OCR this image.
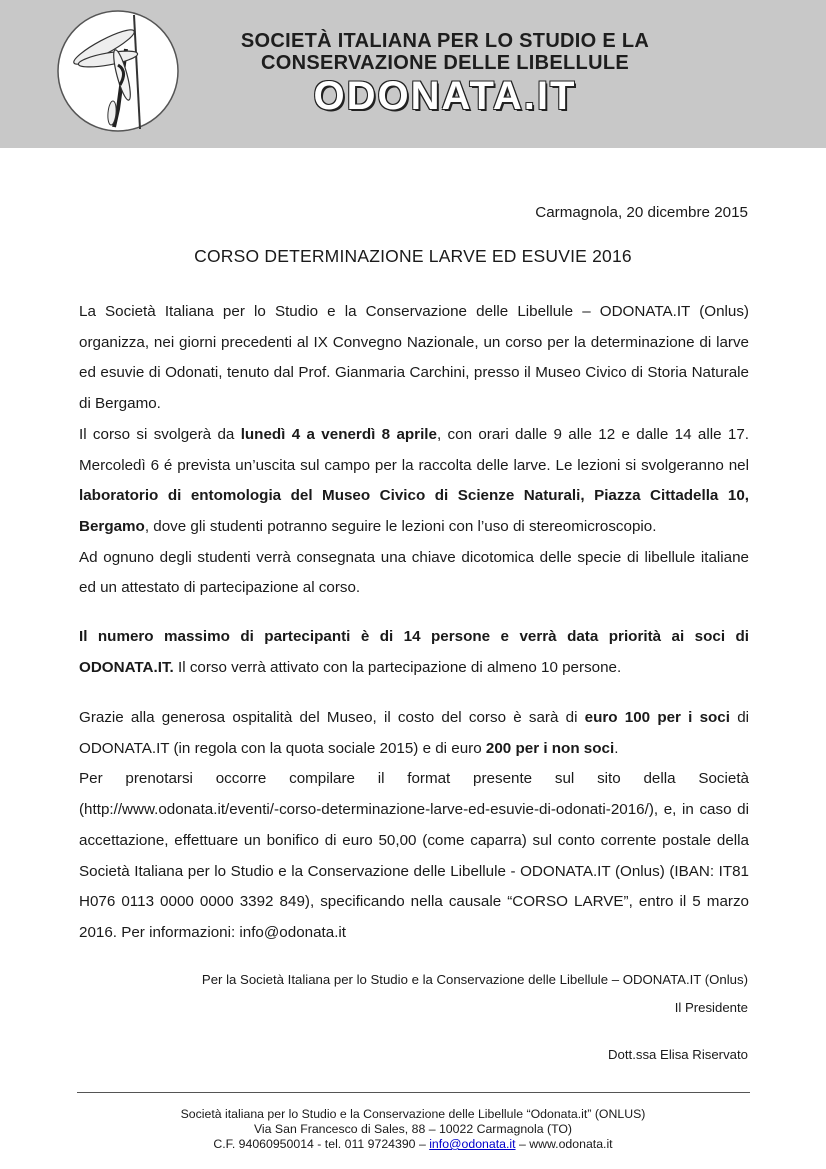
SOCIETÀ ITALIANA PER LO STUDIO E LA
CONSERVAZIONE DELLE LIBELLULE
ODONATA.IT
Carmagnola, 20 dicembre 2015
CORSO DETERMINAZIONE LARVE ED ESUVIE 2016

La Società Italiana per lo Studio e la Conservazione delle Libellule – ODONATA.IT (Onlus) organizza, nei giorni precedenti al IX Convegno Nazionale, un corso per la determinazione di larve ed esuvie di Odonati, tenuto dal Prof. Gianmaria Carchini, presso il Museo Civico di Storia Naturale di Bergamo.

Il corso si svolgerà da lunedì 4 a venerdì 8 aprile, con orari dalle 9 alle 12 e dalle 14 alle 17. Mercoledì 6 é prevista un’uscita sul campo per la raccolta delle larve. Le lezioni si svolgeranno nel laboratorio di entomologia del Museo Civico di Scienze Naturali, Piazza Cittadella 10, Bergamo, dove gli studenti potranno seguire le lezioni con l’uso di stereomicroscopio.

Ad ognuno degli studenti verrà consegnata una chiave dicotomica delle specie di libellule italiane ed un attestato di partecipazione al corso.

Il numero massimo di partecipanti è di 14 persone e verrà data priorità ai soci di ODONATA.IT. Il corso verrà attivato con la partecipazione di almeno 10 persone.

Grazie alla generosa ospitalità del Museo, il costo del corso è sarà di euro 100 per i soci di ODONATA.IT (in regola con la quota sociale 2015) e di euro 200 per i non soci.

Per prenotarsi occorre compilare il format presente sul sito della Società (http://www.odonata.it/eventi/-corso-determinazione-larve-ed-esuvie-di-odonati-2016/), e, in caso di accettazione, effettuare un bonifico di euro 50,00 (come caparra) sul conto corrente postale della Società Italiana per lo Studio e la Conservazione delle Libellule - ODONATA.IT (Onlus) (IBAN: IT81 H076 0113 0000 0000 3392 849), specificando nella causale “CORSO LARVE”, entro il 5 marzo 2016. Per informazioni: info@odonata.it

Per la Società Italiana per lo Studio e la Conservazione delle Libellule – ODONATA.IT (Onlus)
Il Presidente
Dott.ssa Elisa Riservato
Società italiana per lo Studio e la Conservazione delle Libellule “Odonata.it” (ONLUS)
Via San Francesco di Sales, 88 – 10022 Carmagnola (TO)
C.F. 94060950014 - tel. 011 9724390 – info@odonata.it – www.odonata.it
